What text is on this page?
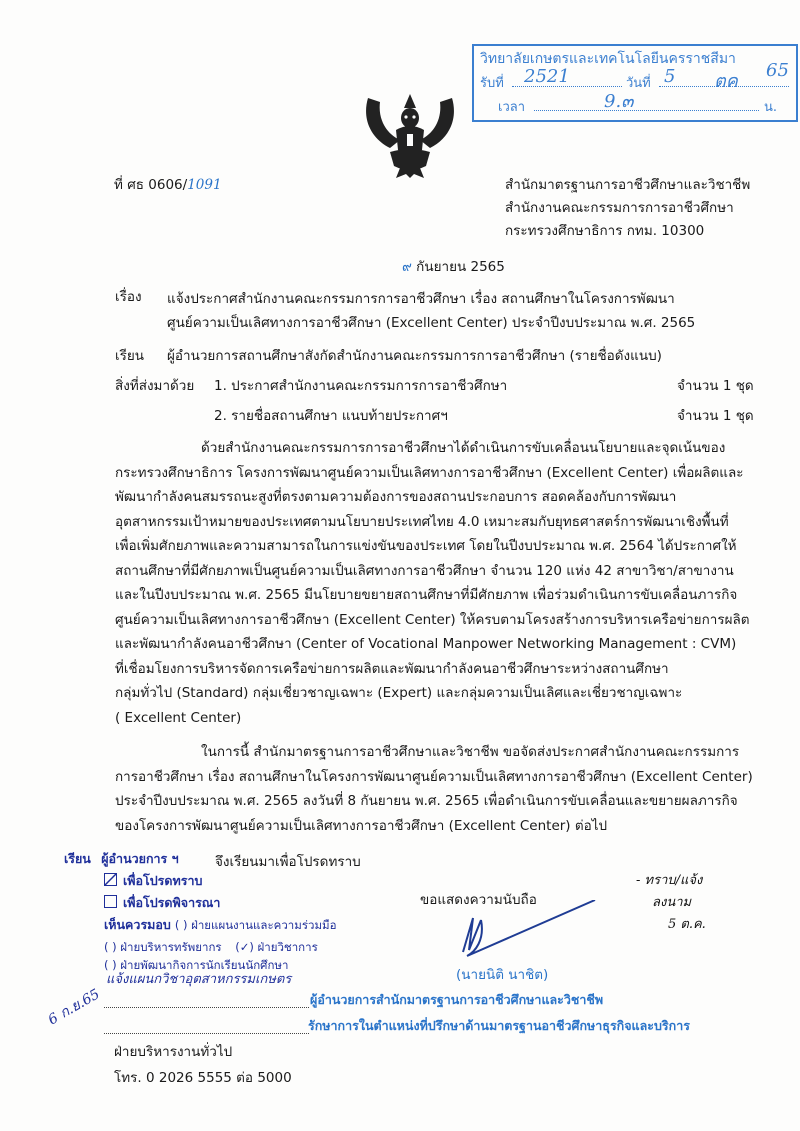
วิทยาลัยเกษตรและเทคโนโลยีนครราชสีมา
รับที่ 2521	วันที่ 5 ตค
65
เวลา	9.๓	น.
ที่ ศธ 0606/1091	สำนักมาตรฐานการอาชีวศึกษาและวิชาชีพ
สำนักงานคณะกรรมการการอาชีวศึกษา
กระทรวงศึกษาธิการ กทม. 10300
๙ กันยายน 2565
เรื่อง แจ้งประกาศสำนักงานคณะกรรมการการอาชีวศึกษา เรื่อง สถานศึกษาในโครงการพัฒนา
ศูนย์ความเป็นเลิศทางการอาชีวศึกษา (Excellent Center) ประจำปีงบประมาณ พ.ศ. 2565
เรียน ผู้อำนวยการสถานศึกษาสังกัดสำนักงานคณะกรรมการการอาชีวศึกษา (รายชื่อดังแนบ)
สิ่งที่ส่งมาด้วย 1. ประกาศสำนักงานคณะกรรมการการอาชีวศึกษา	จำนวน 1 ชุด
2. รายชื่อสถานศึกษา แนบท้ายประกาศฯ	จำนวน 1 ชุด
ด้วยสำนักงานคณะกรรมการการอาชีวศึกษาได้ดำเนินการขับเคลื่อนนโยบายและจุดเน้นของ
กระทรวงศึกษาธิการ โครงการพัฒนาศูนย์ความเป็นเลิศทางการอาชีวศึกษา (Excellent Center) เพื่อผลิตและ
พัฒนากำลังคนสมรรถนะสูงที่ตรงตามความต้องการของสถานประกอบการ สอดคล้องกับการพัฒนา
อุตสาหกรรมเป้าหมายของประเทศตามนโยบายประเทศไทย 4.0 เหมาะสมกับยุทธศาสตร์การพัฒนาเชิงพื้นที่
เพื่อเพิ่มศักยภาพและความสามารถในการแข่งขันของประเทศ โดยในปีงบประมาณ พ.ศ. 2564 ได้ประกาศให้
สถานศึกษาที่มีศักยภาพเป็นศูนย์ความเป็นเลิศทางการอาชีวศึกษา จำนวน 120 แห่ง 42 สาขาวิชา/สาขางาน
และในปีงบประมาณ พ.ศ. 2565 มีนโยบายขยายสถานศึกษาที่มีศักยภาพ เพื่อร่วมดำเนินการขับเคลื่อนภารกิจ
ศูนย์ความเป็นเลิศทางการอาชีวศึกษา (Excellent Center) ให้ครบตามโครงสร้างการบริหารเครือข่ายการผลิต
และพัฒนากำลังคนอาชีวศึกษา (Center of Vocational Manpower Networking Management : CVM)
ที่เชื่อมโยงการบริหารจัดการเครือข่ายการผลิตและพัฒนากำลังคนอาชีวศึกษาระหว่างสถานศึกษา
กลุ่มทั่วไป (Standard) กลุ่มเชี่ยวชาญเฉพาะ (Expert) และกลุ่มความเป็นเลิศและเชี่ยวชาญเฉพาะ
( Excellent Center)
ในการนี้ สำนักมาตรฐานการอาชีวศึกษาและวิชาชีพ ขอจัดส่งประกาศสำนักงานคณะกรรมการ
การอาชีวศึกษา เรื่อง สถานศึกษาในโครงการพัฒนาศูนย์ความเป็นเลิศทางการอาชีวศึกษา (Excellent Center)
ประจำปีงบประมาณ พ.ศ. 2565 ลงวันที่ 8 กันยายน พ.ศ. 2565 เพื่อดำเนินการขับเคลื่อนและขยายผลภารกิจ
ของโครงการพัฒนาศูนย์ความเป็นเลิศทางการอาชีวศึกษา (Excellent Center) ต่อไป
จึงเรียนมาเพื่อโปรดทราบ
ขอแสดงความนับถือ
(นายนิติ นาชิต)
ผู้อำนวยการสำนักมาตรฐานการอาชีวศึกษาและวิชาชีพ
รักษาการในตำแหน่งที่ปรึกษาด้านมาตรฐานอาชีวศึกษาธุรกิจและบริการ
- ทราบ/แจ้ง
ลงนาม
5 ต.ค.
เรียน ผู้อำนวยการ ฯ
เพื่อโปรดทราบ
เพื่อโปรดพิจารณา
เห็นควรมอบ ( ) ฝ่ายแผนงานและความร่วมมือ
( ) ฝ่ายบริหารทรัพยากร (✓) ฝ่ายวิชาการ
( ) ฝ่ายพัฒนากิจการนักเรียนนักศึกษา
แจ้งแผนกวิชาอุตสาหกรรมเกษตร
6 ก.ย.65
ฝ่ายบริหารงานทั่วไป
โทร. 0 2026 5555 ต่อ 5000
